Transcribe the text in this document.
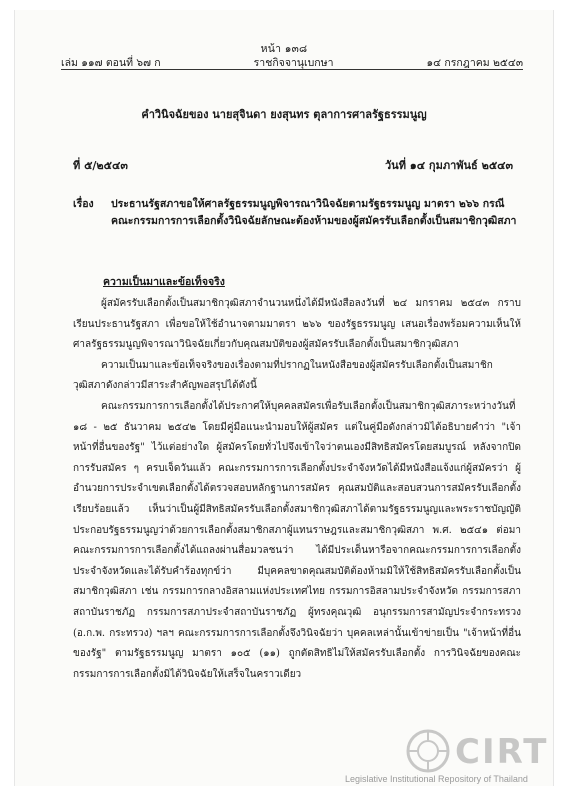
หน้า ๑๓๘
เล่ม ๑๑๗ ตอนที่ ๖๗ ก	ราชกิจจานุเบกษา	๑๔ กรกฎาคม ๒๕๔๓
คำวินิจฉัยของ นายสุจินดา ยงสุนทร ตุลาการศาลรัฐธรรมนูญ
ที่ ๕/๒๕๔๓	วันที่ ๑๔ กุมภาพันธ์ ๒๕๔๓
เรื่อง ประธานรัฐสภาขอให้ศาลรัฐธรรมนูญพิจารณาวินิจฉัยตามรัฐธรรมนูญ มาตรา ๒๖๖ กรณี
คณะกรรมการการเลือกตั้งวินิจฉัยลักษณะต้องห้ามของผู้สมัครรับเลือกตั้งเป็นสมาชิกวุฒิสภา
ความเป็นมาและข้อเท็จจริง

ผู้สมัครรับเลือกตั้งเป็นสมาชิกวุฒิสภาจำนวนหนึ่งได้มีหนังสือลงวันที่ ๒๔ มกราคม ๒๕๔๓ กราบเรียนประธานรัฐสภา เพื่อขอให้ใช้อำนาจตามมาตรา ๒๖๖ ของรัฐธรรมนูญ เสนอเรื่องพร้อมความเห็นให้ศาลรัฐธรรมนูญพิจารณาวินิจฉัยเกี่ยวกับคุณสมบัติของผู้สมัครรับเลือกตั้งเป็นสมาชิกวุฒิสภา

ความเป็นมาและข้อเท็จจริงของเรื่องตามที่ปรากฏในหนังสือของผู้สมัครรับเลือกตั้งเป็นสมาชิกวุฒิสภาดังกล่าวมีสาระสำคัญพอสรุปได้ดังนี้

คณะกรรมการการเลือกตั้งได้ประกาศให้บุคคลสมัครเพื่อรับเลือกตั้งเป็นสมาชิกวุฒิสภาระหว่างวันที่ ๑๘ - ๒๕ ธันวาคม ๒๕๔๒ โดยมีคู่มือแนะนำมอบให้ผู้สมัคร แต่ในคู่มือดังกล่าวมิได้อธิบายคำว่า "เจ้าหน้าที่อื่นของรัฐ" ไว้แต่อย่างใด ผู้สมัครโดยทั่วไปจึงเข้าใจว่าตนเองมีสิทธิสมัครโดยสมบูรณ์ หลังจากปิดการรับสมัคร ๆ ครบเจ็ดวันแล้ว คณะกรรมการการเลือกตั้งประจำจังหวัดได้มีหนังสือแจ้งแก่ผู้สมัครว่า ผู้อำนวยการประจำเขตเลือกตั้งได้ตรวจสอบหลักฐานการสมัคร คุณสมบัติและสอบสวนการสมัครรับเลือกตั้งเรียบร้อยแล้ว เห็นว่าเป็นผู้มีสิทธิสมัครรับเลือกตั้งสมาชิกวุฒิสภาได้ตามรัฐธรรมนูญและพระราชบัญญัติประกอบรัฐธรรมนูญว่าด้วยการเลือกตั้งสมาชิกสภาผู้แทนราษฎรและสมาชิกวุฒิสภา พ.ศ. ๒๕๔๑ ต่อมาคณะกรรมการการเลือกตั้งได้แถลงผ่านสื่อมวลชนว่า ได้มีประเด็นหารือจากคณะกรรมการการเลือกตั้งประจำจังหวัดและได้รับคำร้องทุกข์ว่า มีบุคคลขาดคุณสมบัติต้องห้ามมิให้ใช้สิทธิสมัครรับเลือกตั้งเป็นสมาชิกวุฒิสภา เช่น กรรมการกลางอิสลามแห่งประเทศไทย กรรมการอิสลามประจำจังหวัด กรรมการสภาสถาบันราชภัฏ กรรมการสภาประจำสถาบันราชภัฏ ผู้ทรงคุณวุฒิ อนุกรรมการสามัญประจำกระทรวง (อ.ก.พ. กระทรวง) ฯลฯ คณะกรรมการการเลือกตั้งจึงวินิจฉัยว่า บุคคลเหล่านั้นเข้าข่ายเป็น "เจ้าหน้าที่อื่นของรัฐ" ตามรัฐธรรมนูญ มาตรา ๑๐๕ (๑๑) ถูกตัดสิทธิไม่ให้สมัครรับเลือกตั้ง การวินิจฉัยของคณะกรรมการการเลือกตั้งมิได้วินิจฉัยให้เสร็จในคราวเดียว

CIRT
Legislative Institutional Repository of Thailand
